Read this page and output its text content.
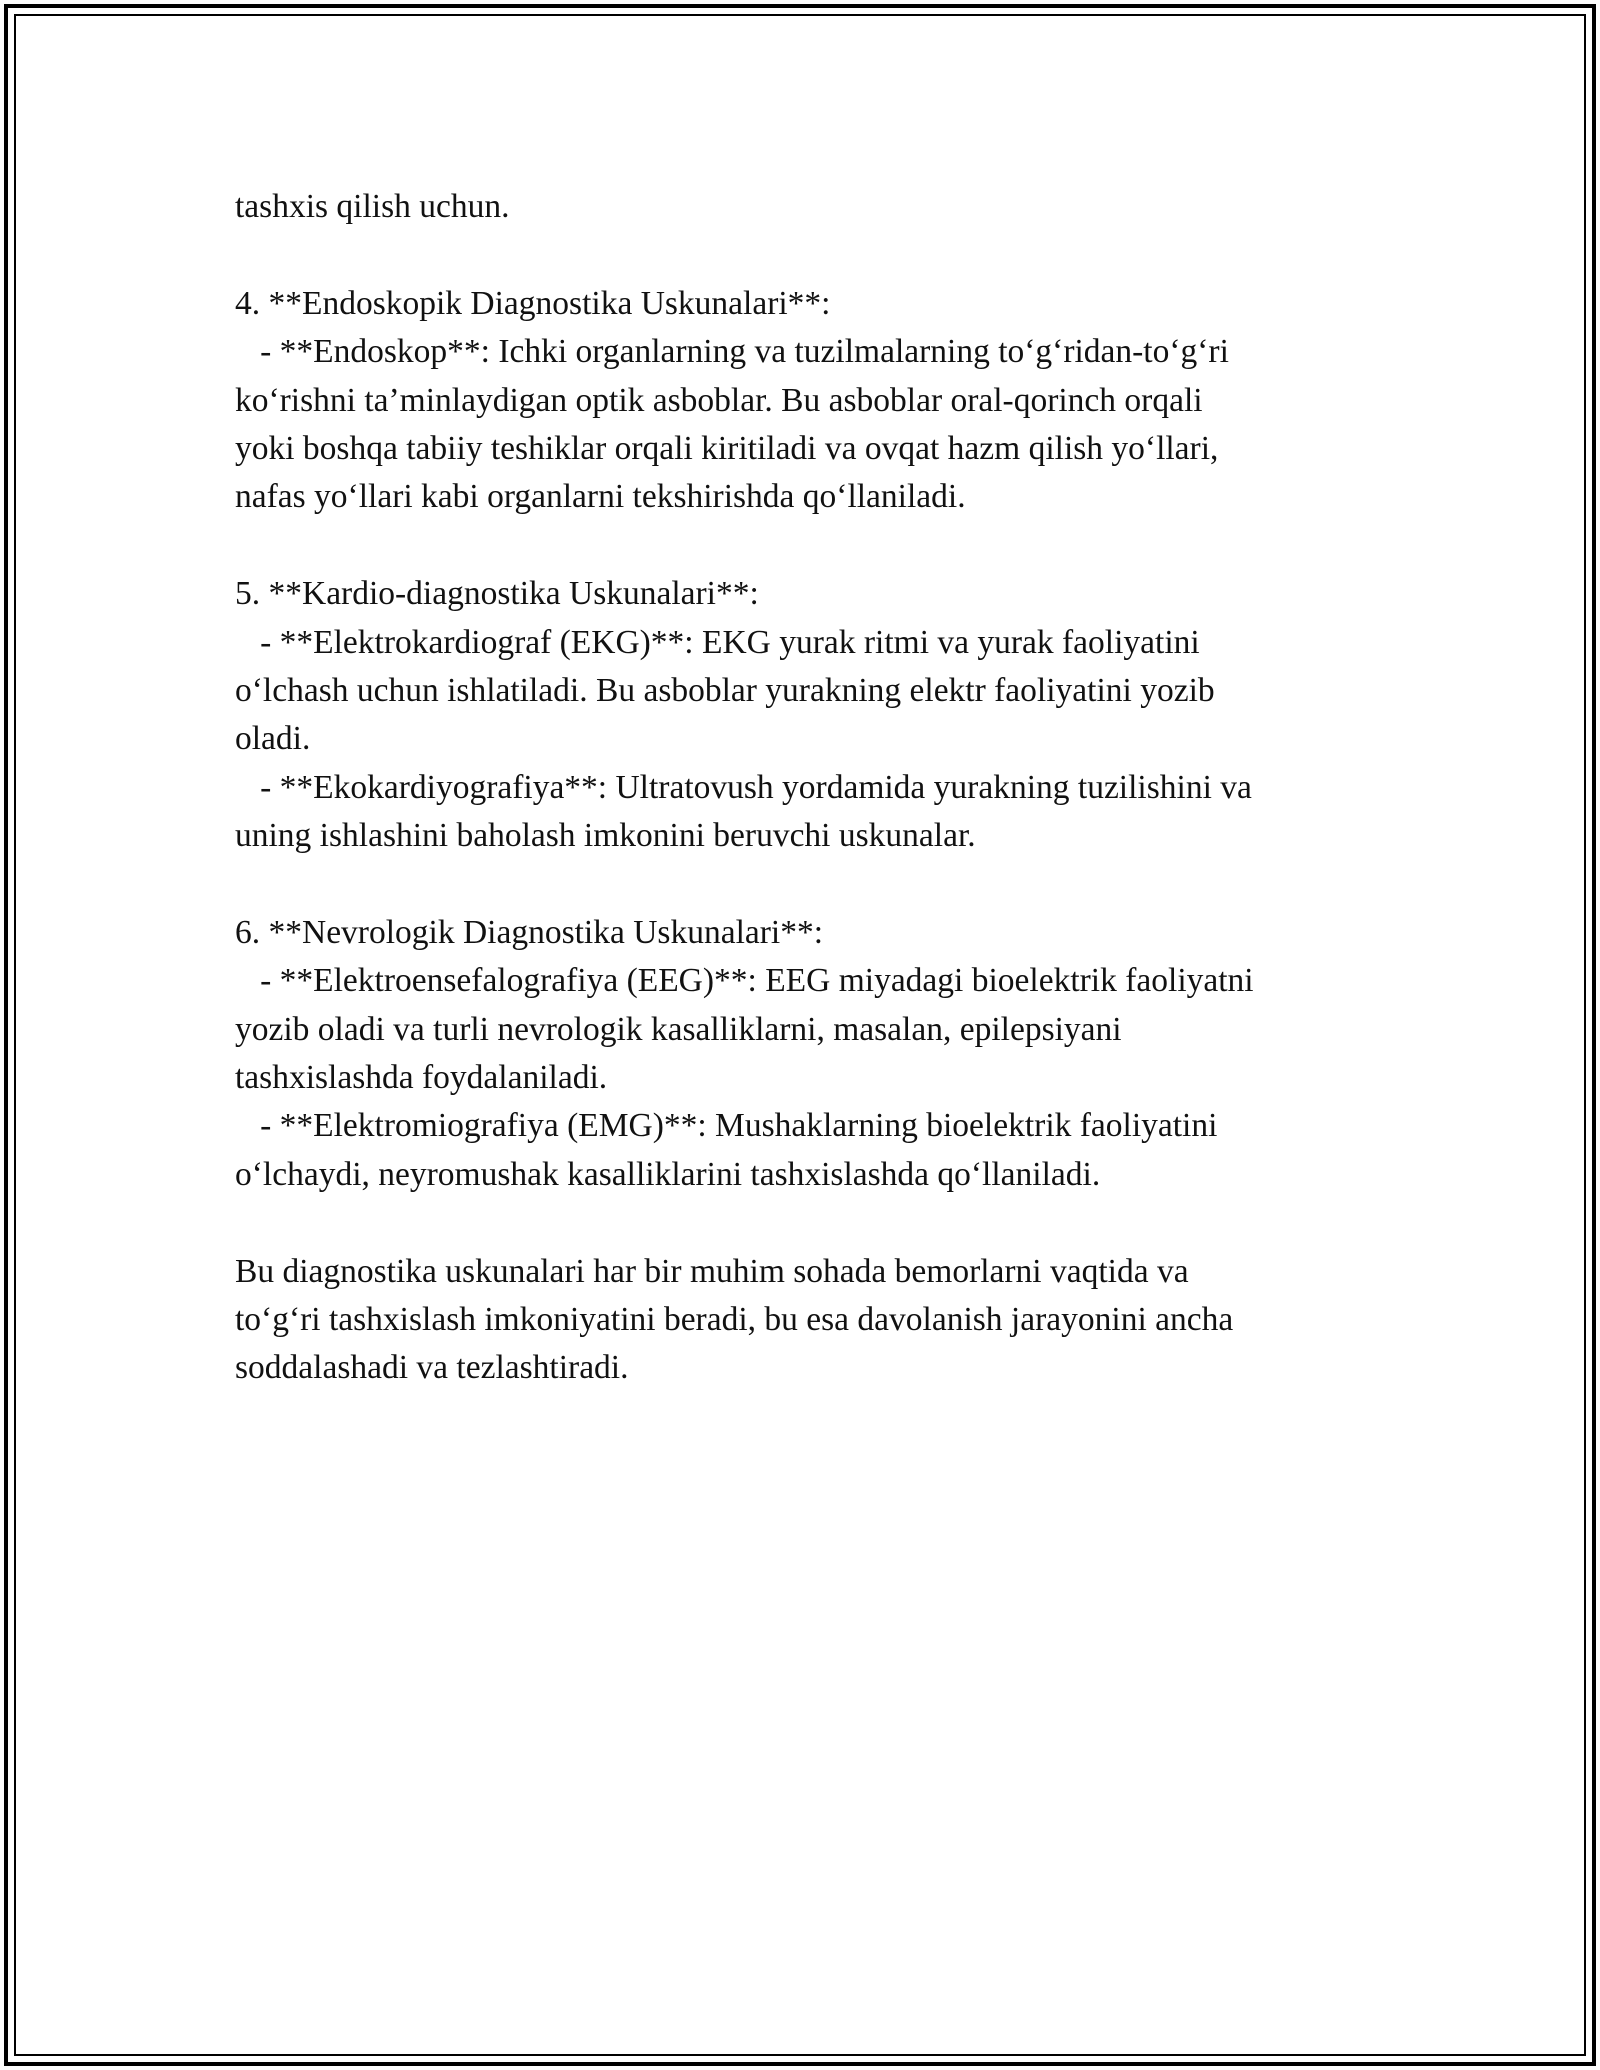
tashxis qilish uchun.
4. **Endoskopik Diagnostika Uskunalari**:
- **Endoskop**: Ichki organlarning va tuzilmalarning to‘g‘ridan-to‘g‘ri
ko‘rishni ta’minlaydigan optik asboblar. Bu asboblar oral-qorinch orqali
yoki boshqa tabiiy teshiklar orqali kiritiladi va ovqat hazm qilish yo‘llari,
nafas yo‘llari kabi organlarni tekshirishda qo‘llaniladi.
5. **Kardio-diagnostika Uskunalari**:
- **Elektrokardiograf (EKG)**: EKG yurak ritmi va yurak faoliyatini
o‘lchash uchun ishlatiladi. Bu asboblar yurakning elektr faoliyatini yozib
oladi.
- **Ekokardiyografiya**: Ultratovush yordamida yurakning tuzilishini va
uning ishlashini baholash imkonini beruvchi uskunalar.
6. **Nevrologik Diagnostika Uskunalari**:
- **Elektroensefalografiya (EEG)**: EEG miyadagi bioelektrik faoliyatni
yozib oladi va turli nevrologik kasalliklarni, masalan, epilepsiyani
tashxislashda foydalaniladi.
- **Elektromiografiya (EMG)**: Mushaklarning bioelektrik faoliyatini
o‘lchaydi, neyromushak kasalliklarini tashxislashda qo‘llaniladi.
Bu diagnostika uskunalari har bir muhim sohada bemorlarni vaqtida va
to‘g‘ri tashxislash imkoniyatini beradi, bu esa davolanish jarayonini ancha
soddalashadi va tezlashtiradi.
